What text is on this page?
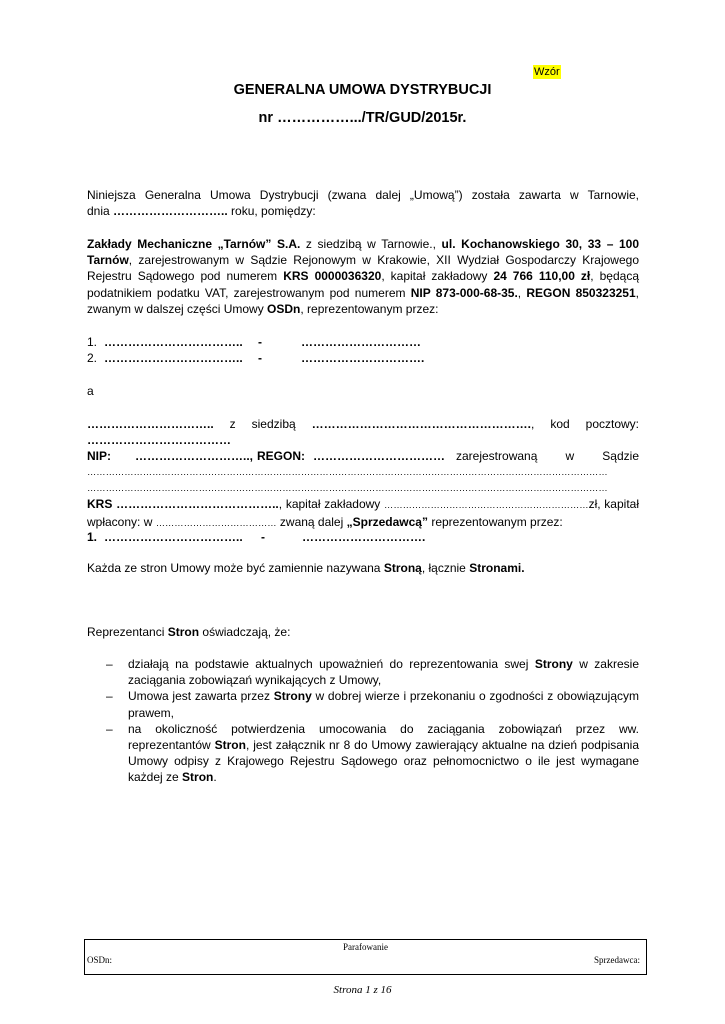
Wzór
GENERALNA UMOWA DYSTRYBUCJI
nr …………….../TR/GUD/2015r.
Niniejsza Generalna Umowa Dystrybucji (zwana dalej „Umową”) została zawarta w Tarnowie,
dnia ……………………….. roku, pomiędzy:
Zakłady Mechaniczne „Tarnów” S.A. z siedzibą w Tarnowie., ul. Kochanowskiego 30, 33 – 100 Tarnów, zarejestrowanym w Sądzie Rejonowym w Krakowie, XII Wydział Gospodarczy Krajowego Rejestru Sądowego pod numerem KRS 0000036320, kapitał zakładowy 24 766 110,00 zł, będącą podatnikiem podatku VAT, zarejestrowanym pod numerem NIP 873-000-68-35., REGON 850323251, zwanym w dalszej części Umowy OSDn, reprezentowanym przez:
1. …………………………….. -	…………………………
2. …………………………….. -	………………………….
a
………………………….. z siedzibą ………………………………………………., kod pocztowy: ………………………………
NIP: ……………………….., REGON: …………………………… zarejestrowaną w Sądzie
……………………………………………………………………………………………………………………………………………………
……………………………………………………………………………………………………………………………………………………
KRS ………………………………….., kapitał zakładowy …………………………………………………………zł, kapitał
wpłacony: w ………………………………… zwaną dalej „Sprzedawcą” reprezentowanym przez:
1. …………………………….. -	………………………….
Każda ze stron Umowy może być zamiennie nazywana Stroną, łącznie Stronami.
Reprezentanci Stron oświadczają, że:
– działają na podstawie aktualnych upoważnień do reprezentowania swej Strony w zakresie zaciągania zobowiązań wynikających z Umowy,
– Umowa jest zawarta przez Strony w dobrej wierze i przekonaniu o zgodności z obowiązującym prawem,
– na okoliczność potwierdzenia umocowania do zaciągania zobowiązań przez ww. reprezentantów Stron, jest załącznik nr 8 do Umowy zawierający aktualne na dzień podpisania Umowy odpisy z Krajowego Rejestru Sądowego oraz pełnomocnictwo o ile jest wymagane każdej ze Stron.
Parafowanie
OSDn:	Sprzedawca:
Strona 1 z 16
